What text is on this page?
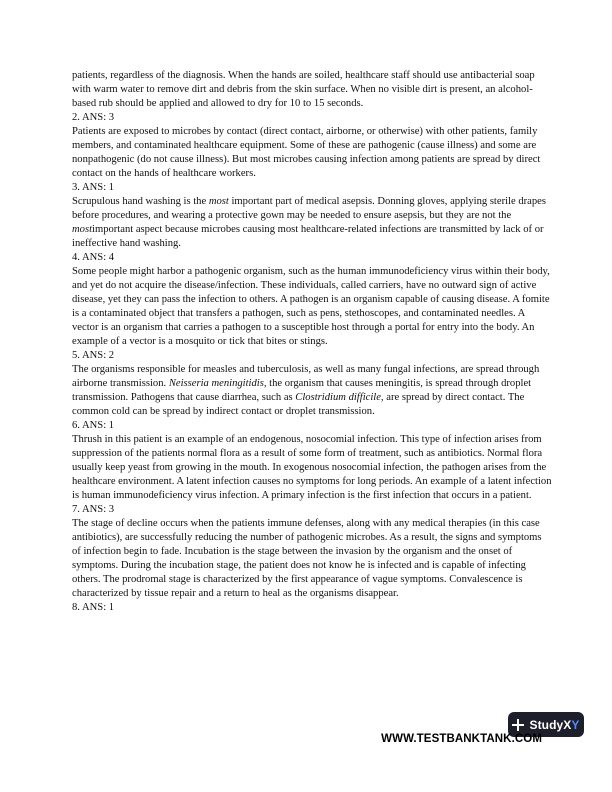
patients, regardless of the diagnosis. When the hands are soiled, healthcare staff should use antibacterial soap with warm water to remove dirt and debris from the skin surface. When no visible dirt is present, an alcohol-based rub should be applied and allowed to dry for 10 to 15 seconds.

2. ANS: 3

Patients are exposed to microbes by contact (direct contact, airborne, or otherwise) with other patients, family members, and contaminated healthcare equipment. Some of these are pathogenic (cause illness) and some are nonpathogenic (do not cause illness). But most microbes causing infection among patients are spread by direct contact on the hands of healthcare workers.

3. ANS: 1

Scrupulous hand washing is the most important part of medical asepsis. Donning gloves, applying sterile drapes before procedures, and wearing a protective gown may be needed to ensure asepsis, but they are not the mostimportant aspect because microbes causing most healthcare-related infections are transmitted by lack of or ineffective hand washing.

4. ANS: 4

Some people might harbor a pathogenic organism, such as the human immunodeficiency virus within their body, and yet do not acquire the disease/infection. These individuals, called carriers, have no outward sign of active disease, yet they can pass the infection to others. A pathogen is an organism capable of causing disease. A fomite is a contaminated object that transfers a pathogen, such as pens, stethoscopes, and contaminated needles. A vector is an organism that carries a pathogen to a susceptible host through a portal for entry into the body. An example of a vector is a mosquito or tick that bites or stings.

5. ANS: 2

The organisms responsible for measles and tuberculosis, as well as many fungal infections, are spread through airborne transmission. Neisseria meningitidis, the organism that causes meningitis, is spread through droplet transmission. Pathogens that cause diarrhea, such as Clostridium difficile, are spread by direct contact. The common cold can be spread by indirect contact or droplet transmission.

6. ANS: 1

Thrush in this patient is an example of an endogenous, nosocomial infection. This type of infection arises from suppression of the patients normal flora as a result of some form of treatment, such as antibiotics. Normal flora usually keep yeast from growing in the mouth. In exogenous nosocomial infection, the pathogen arises from the healthcare environment. A latent infection causes no symptoms for long periods. An example of a latent infection is human immunodeficiency virus infection. A primary infection is the first infection that occurs in a patient.

7. ANS: 3

The stage of decline occurs when the patients immune defenses, along with any medical therapies (in this case antibiotics), are successfully reducing the number of pathogenic microbes. As a result, the signs and symptoms of infection begin to fade. Incubation is the stage between the invasion by the organism and the onset of symptoms. During the incubation stage, the patient does not know he is infected and is capable of infecting others. The prodromal stage is characterized by the first appearance of vague symptoms. Convalescence is characterized by tissue repair and a return to heal as the organisms disappear.

8. ANS: 1

StudyXY
WWW.TESTBANKTANK.COM
